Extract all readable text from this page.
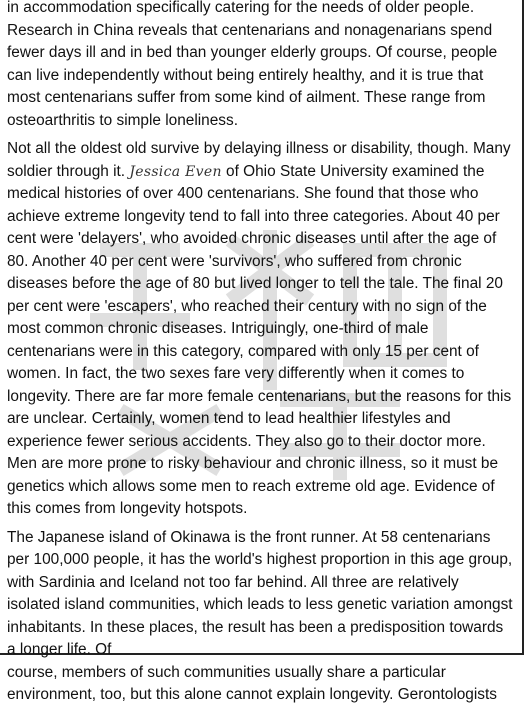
in accommodation specifically catering for the needs of older people.
Research in China reveals that centenarians and nonagenarians spend
fewer days ill and in bed than younger elderly groups. Of course, people
can live independently without being entirely healthy, and it is true that
most centenarians suffer from some kind of ailment. These range from
osteoarthritis to simple loneliness.
Not all the oldest old survive by delaying illness or disability, though. Many
soldier through it. Jessica Even of Ohio State University examined the
medical histories of over 400 centenarians. She found that those who
achieve extreme longevity tend to fall into three categories. About 40 per
cent were 'delayers', who avoided chronic diseases until after the age of
80. Another 40 per cent were 'survivors', who suffered from chronic
diseases before the age of 80 but lived longer to tell the tale. The final 20
per cent were 'escapers', who reached their century with no sign of the
most common chronic diseases. Intriguingly, one-third of male
centenarians were in this category, compared with only 15 per cent of
women. In fact, the two sexes fare very differently when it comes to
longevity. There are far more female centenarians, but the reasons for this
are unclear. Certainly, women tend to lead healthier lifestyles and
experience fewer serious accidents. They also go to their doctor more.
Men are more prone to risky behaviour and chronic illness, so it must be
genetics which allows some men to reach extreme old age. Evidence of
this comes from longevity hotspots.
The Japanese island of Okinawa is the front runner. At 58 centenarians
per 100,000 people, it has the world's highest proportion in this age group,
with Sardinia and Iceland not too far behind. All three are relatively
isolated island communities, which leads to less genetic variation amongst
inhabitants. In these places, the result has been a predisposition towards
a longer life. Of
course, members of such communities usually share a particular
environment, too, but this alone cannot explain longevity. Gerontologists
